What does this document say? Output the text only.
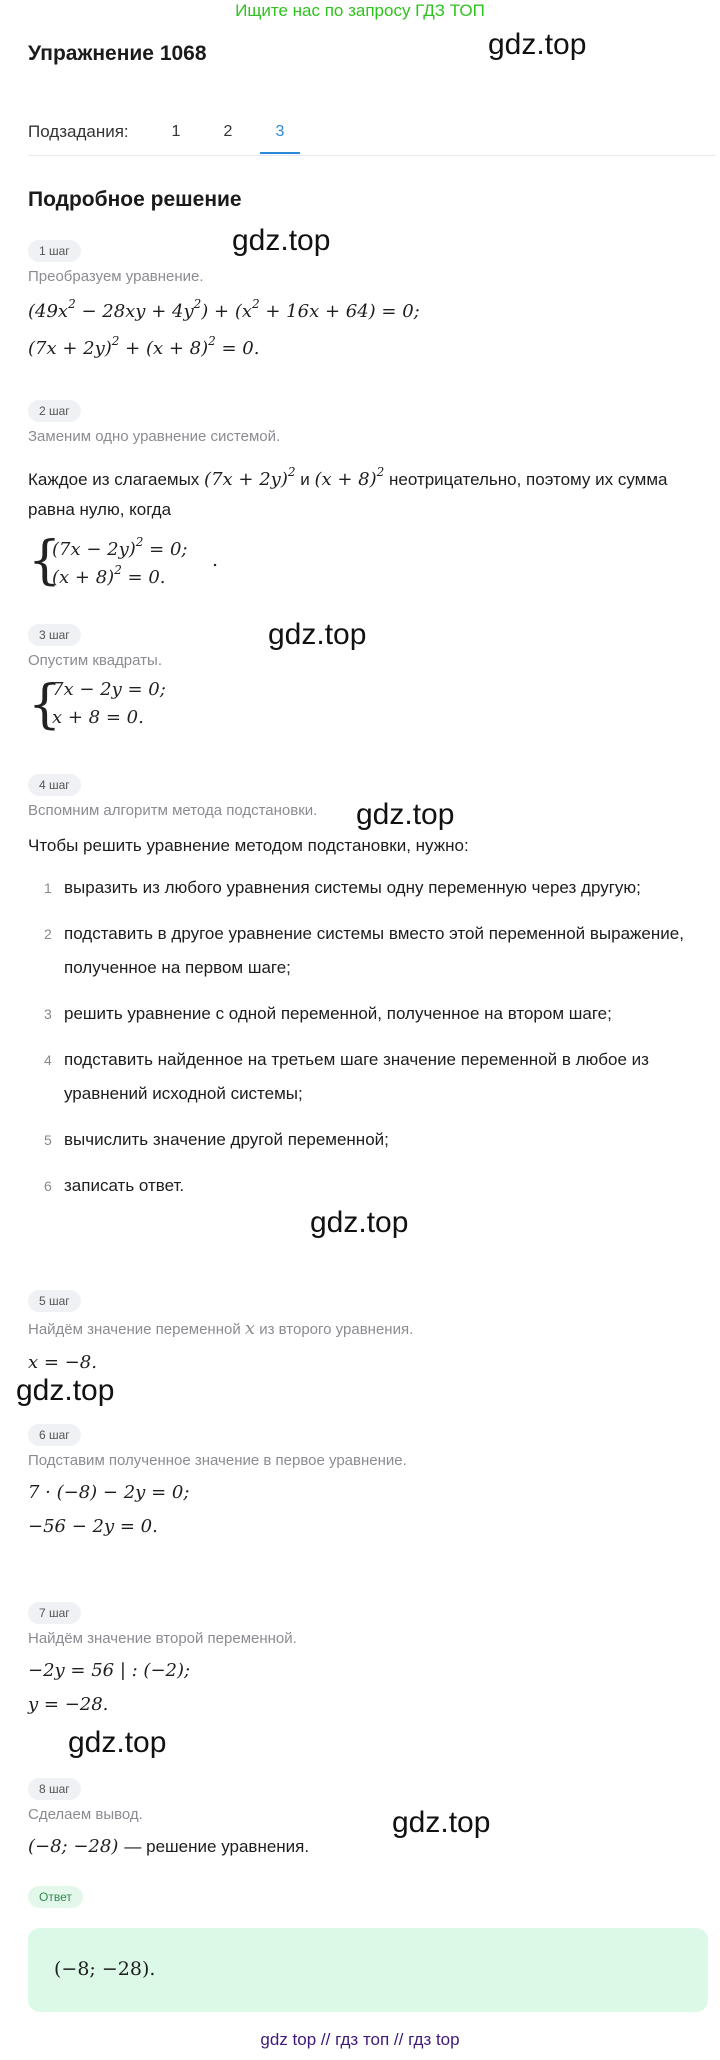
Ищите нас по запросу ГДЗ ТОП
Упражнение 1068
Подзадания:	1	2	3
Подробное решение
1 шаг
Преобразуем уравнение.
$(49x^2 - 28xy + 4y^2) + (x^2 + 16x + 64) = 0$;
$(7x + 2y)^2 + (x + 8)^2 = 0$.
2 шаг
Заменим одно уравнение системой.
Каждое из слагаемых $(7x + 2y)^2$ и $(x + 8)^2$ неотрицательно, поэтому их сумма равна нулю, когда
{
$(7x - 2y)^2 = 0$;
$(x + 8)^2 = 0$.
.
3 шаг
Опустим квадраты.
{
7x − 2y = 0;
x + 8 = 0.
4 шаг
Вспомним алгоритм метода подстановки.
Чтобы решить уравнение методом подстановки, нужно:
1 выразить из любого уравнения системы одну переменную через другую;
2 подставить в другое уравнение системы вместо этой переменной выражение, полученное на первом шаге;
3 решить уравнение с одной переменной, полученное на втором шаге;
4 подставить найденное на третьем шаге значение переменной в любое из уравнений исходной системы;
5 вычислить значение другой переменной;
6 записать ответ.
5 шаг
Найдём значение переменной x из второго уравнения.
x = −8.
6 шаг
Подставим полученное значение в первое уравнение.
7 · (−8) − 2y = 0;
−56 − 2y = 0.
7 шаг
Найдём значение второй переменной.
−2y = 56 | : (−2);
y = −28.
8 шаг
Сделаем вывод.
(−8; −28) — решение уравнения.
Ответ
(−8; −28).
gdz.top
gdz.top
gdz.top
gdz.top
gdz.top
gdz.top
gdz.top
gdz.top
gdz top // гдз топ // гдз top
